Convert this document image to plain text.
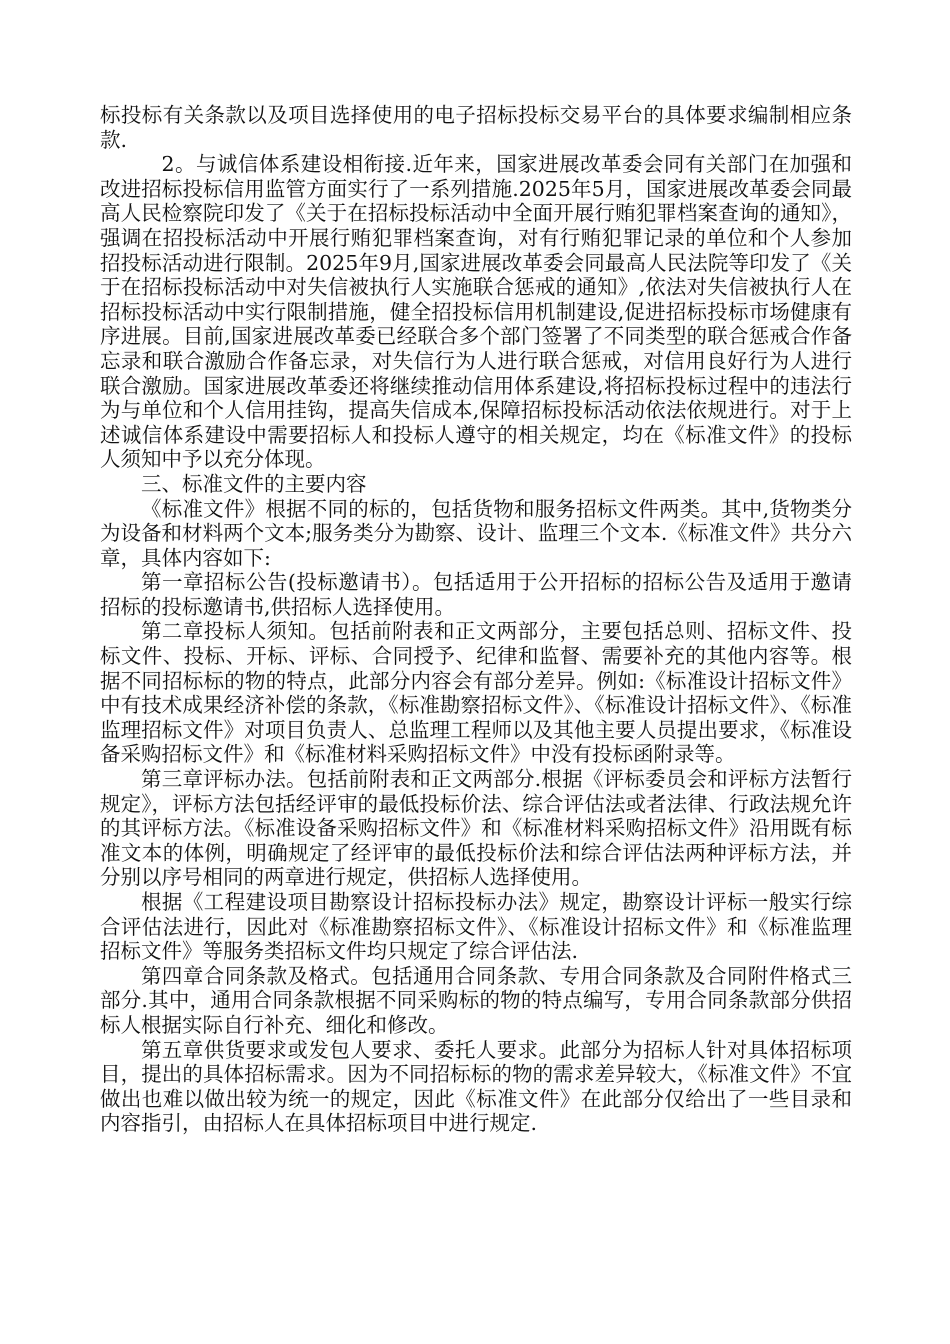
标投标有关条款以及项目选择使用的电子招标投标交易平台的具体要求编制相应条款.

2。与诚信体系建设相衔接.近年来，国家进展改革委会同有关部门在加强和改进招标投标信用监管方面实行了一系列措施.2025年5月，国家进展改革委会同最高人民检察院印发了《关于在招标投标活动中全面开展行贿犯罪档案查询的通知》，强调在招投标活动中开展行贿犯罪档案查询，对有行贿犯罪记录的单位和个人参加招投标活动进行限制。2025年9月,国家进展改革委会同最高人民法院等印发了《关于在招标投标活动中对失信被执行人实施联合惩戒的通知》,依法对失信被执行人在招标投标活动中实行限制措施，健全招投标信用机制建设,促进招标投标市场健康有序进展。目前,国家进展改革委已经联合多个部门签署了不同类型的联合惩戒合作备忘录和联合激励合作备忘录，对失信行为人进行联合惩戒，对信用良好行为人进行联合激励。国家进展改革委还将继续推动信用体系建设,将招标投标过程中的违法行为与单位和个人信用挂钩，提高失信成本,保障招标投标活动依法依规进行。对于上述诚信体系建设中需要招标人和投标人遵守的相关规定，均在《标准文件》的投标人须知中予以充分体现。

三、标准文件的主要内容

《标准文件》根据不同的标的，包括货物和服务招标文件两类。其中,货物类分为设备和材料两个文本;服务类分为勘察、设计、监理三个文本.《标准文件》共分六章，具体内容如下:

第一章招标公告(投标邀请书）。包括适用于公开招标的招标公告及适用于邀请招标的投标邀请书,供招标人选择使用。

第二章投标人须知。包括前附表和正文两部分，主要包括总则、招标文件、投标文件、投标、开标、评标、合同授予、纪律和监督、需要补充的其他内容等。根据不同招标标的物的特点，此部分内容会有部分差异。例如:《标准设计招标文件》中有技术成果经济补偿的条款，《标准勘察招标文件》、《标准设计招标文件》、《标准监理招标文件》对项目负责人、总监理工程师以及其他主要人员提出要求，《标准设备采购招标文件》和《标准材料采购招标文件》中没有投标函附录等。

第三章评标办法。包括前附表和正文两部分.根据《评标委员会和评标方法暂行规定》，评标方法包括经评审的最低投标价法、综合评估法或者法律、行政法规允许的其评标方法。《标准设备采购招标文件》和《标准材料采购招标文件》沿用既有标准文本的体例，明确规定了经评审的最低投标价法和综合评估法两种评标方法，并分别以序号相同的两章进行规定，供招标人选择使用。

根据《工程建设项目勘察设计招标投标办法》规定，勘察设计评标一般实行综合评估法进行，因此对《标准勘察招标文件》、《标准设计招标文件》和《标准监理招标文件》等服务类招标文件均只规定了综合评估法.

第四章合同条款及格式。包括通用合同条款、专用合同条款及合同附件格式三部分.其中，通用合同条款根据不同采购标的物的特点编写，专用合同条款部分供招标人根据实际自行补充、细化和修改。

第五章供货要求或发包人要求、委托人要求。此部分为招标人针对具体招标项目，提出的具体招标需求。因为不同招标标的物的需求差异较大，《标准文件》不宜做出也难以做出较为统一的规定，因此《标准文件》在此部分仅给出了一些目录和内容指引，由招标人在具体招标项目中进行规定.
